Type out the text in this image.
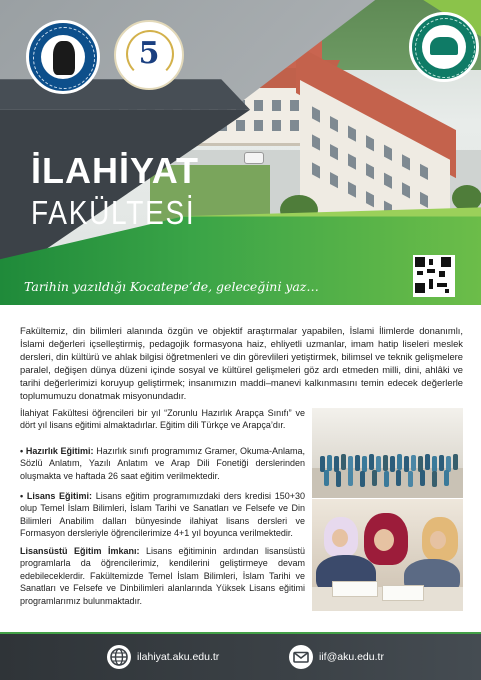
5
İLAHİYAT
FAKÜLTESİ
Tarihi̇n yazıldığı Kocatepe’de, geleceği̇ni̇ yaz…

Fakültemiz, din bilimleri alanında özgün ve objektif araştırmalar yapabilen, İslami İlimlerde donanımlı, İslami değerleri içselleştirmiş, pedagojik formasyona haiz, ehliyetli uzmanlar, imam hatip liseleri meslek dersleri, din kültürü ve ahlak bilgisi öğretmenleri ve din görevlileri yetiştirmek, bilimsel ve teknik gelişmelere paralel, değişen dünya düzeni içinde sosyal ve kültürel gelişmeleri göz ardı etmeden milli, dini, ahlâki ve tarihi değerlerimizi koruyup geliştirmek; insanımızın maddi–manevi kalkınmasını temin edecek değerlerle toplumumuzu donatmak misyonundadır.

İlahiyat Fakültesi öğrencileri bir yıl “Zorunlu Hazırlık Arapça Sınıfı” ve dört yıl lisans eğitimi almaktadırlar. Eğitim dili Türkçe ve Arapça’dır.

• Hazırlık Eğitimi: Hazırlık sınıfı programımız Gramer, Okuma-Anlama, Sözlü Anlatım, Yazılı Anlatım ve Arap Dili Fonetiği derslerinden oluşmakta ve haftada 26 saat eğitim verilmektedir.

• Lisans Eğitimi: Lisans eğitim programımızdaki ders kredisi 150+30 olup Temel İslam Bilimleri, İslam Tarihi ve Sanatları ve Felsefe ve Din Bilimleri Anabilim dalları bünyesinde ilahiyat lisans dersleri ve Formasyon dersleriyle öğrencilerimize 4+1 yıl boyunca verilmektedir.

Lisansüstü Eğitim İmkanı: Lisans eğitiminin ardından lisansüstü programlarla da öğrencilerimiz, kendilerini geliştirmeye devam edebileceklerdir. Fakültemizde Temel İslam Bilimleri, İslam Tarihi ve Sanatları ve Felsefe ve Dinbilimleri alanlarında Yüksek Lisans eğitimi programlarımız bulunmaktadır.

ilahiyat.aku.edu.tr	iif@aku.edu.tr
